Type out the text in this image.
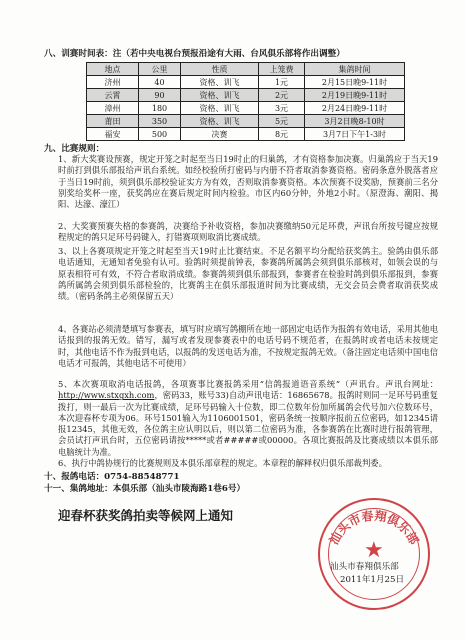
八、训赛时间表：注（若中央电视台预报沿途有大雨、台风俱乐部将作出调整）
地点	公里	性质	上笼费	集鸽时间
济州	40	资格、训飞	1元	2月15日晚9-11时
云霄	90	资格、训飞	2元	2月19日晚9-11时
漳州	180	资格、训飞	3元	2月24日晚9-11时
莆田	350	资格、训飞	5元	3月2日晚8-10时
福安	500	决赛	8元	3月7日下午1-3时
九、比赛规则：
1、新大奖赛设预赛，规定开笼之时起至当日19时止的归巢鸽，才有资格参加决赛。归巢鸽应于当天19时前打到俱乐部报给声讯台系统。如经校验所打密码与内册不符者取消参赛资格。密码条意外脱落者应于当日19时前，须到俱乐部校验证实方为有效，否则取消参赛资格。本次预赛不设奖励，预赛前三名分别奖给奖杯一座，获奖鸽应在赛后规定时间内检验。市区内60分钟，外地2小时。（原澄海、潮阳、揭阳、达濠、濠江）
2、大奖赛预赛失格的参赛鸽，决赛给予补收资格，参加决赛缴纳50元足环费，声讯台所按号键应按规程规定的鸽只足环号码键入，打错赛项则取消比赛成绩。
3、以上各赛项规定开笼之时起至当天19时止比赛结束。不足名额平均分配给获奖鸽主。验鸽由俱乐部电话通知，无通知者免验有认可。验鸽时须提前钟表，参赛鸽所属鸽会须到俱乐部核对，如领会误的与原表相符可有效，不符合者取消成绩。参赛鸽须到俱乐部报到，参赛者在检验时鸽到俱乐部报到，参赛鸽所属鸽会须到俱乐部检验的，比赛鸽主在俱乐部报道时间为比赛成绩，无交会员会费者取消获奖成绩。（密码条鸽主必须保留五天）
4、各赛站必须清楚填写参赛表，填写时应填写鸽棚所在地一部固定电话作为报鸽有效电话，采用其他电话报到的报鸽无效。错写，漏写或者发现参赛表中的电话号码不规范者，在报鸽时或者电话未按规定时，其他电话不作为报到电话，以报鸽的发送电话为准，不按规定报鸽无效。（备注固定电话须中国电信电话才可报鸽，其他电话不可使用）
5、本次赛项取消电话报鸽，各项赛事比赛报鸽采用“信鸽报道语音系统”（声讯台。声讯台网址：http://www.stxgxh.com，密码33，账号33)自动声讯电话：16865678。报鸽时则同一足环号码重复拨打，则一最后一次为比赛成绩，足环号码输入十位数，即二位数年份加所属鸽会代号加六位数环号，本次迎春杯专项为06。环号1501输入为1106001501，密码条统一按顺序报前五位密码，如12345请报12345，其他无效，各位鸽主应认明以后，则以第二位密码为准，各参赛鸽在比赛时进行报鸽管理，会员试打声讯台时，五位密码请按*****或者#####或00000。各项比赛报鸽及比赛成绩以本俱乐部电脑统计为准。
6、执行中鸽协规行的比赛规则及本俱乐部章程的规定。本章程的解释权归俱乐部裁判委。
十、报鸽电话：0754-88548771
十一、集鸽地址：本俱乐部（汕头市陵海路1巷6号）
迎春杯获奖鸽拍卖等候网上通知
汕头市春翔俱乐部
★
汕头市春翔俱乐部
2011年1月25日
